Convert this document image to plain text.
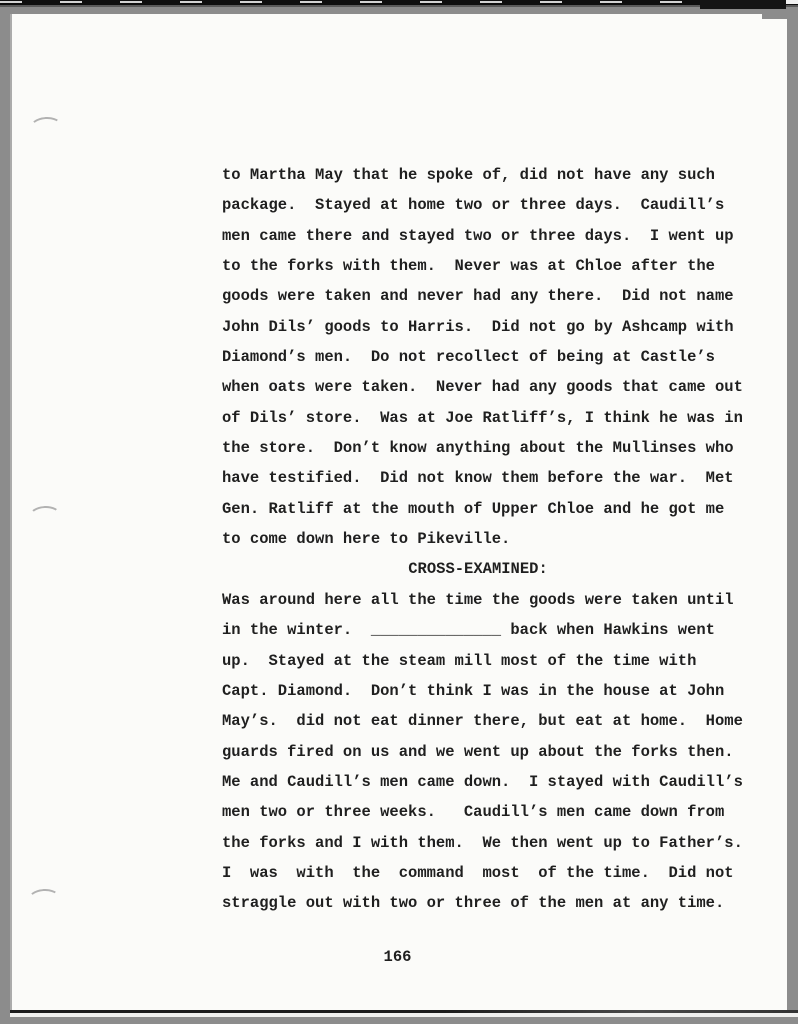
to Martha May that he spoke of, did not have any such
package.  Stayed at home two or three days.  Caudill’s
men came there and stayed two or three days.  I went up
to the forks with them.  Never was at Chloe after the
goods were taken and never had any there.  Did not name
John Dils’ goods to Harris.  Did not go by Ashcamp with
Diamond’s men.  Do not recollect of being at Castle’s
when oats were taken.  Never had any goods that came out
of Dils’ store.  Was at Joe Ratliff’s, I think he was in
the store.  Don’t know anything about the Mullinses who
have testified.  Did not know them before the war.  Met
Gen. Ratliff at the mouth of Upper Chloe and he got me
to come down here to Pikeville.
CROSS-EXAMINED:
Was around here all the time the goods were taken until
in the winter.  ______________ back when Hawkins went
up.  Stayed at the steam mill most of the time with
Capt. Diamond.  Don’t think I was in the house at John
May’s.  did not eat dinner there, but eat at home.  Home
guards fired on us and we went up about the forks then.
Me and Caudill’s men came down.  I stayed with Caudill’s
men two or three weeks.   Caudill’s men came down from
the forks and I with them.  We then went up to Father’s.
I  was  with  the  command  most  of the time.  Did not
straggle out with two or three of the men at any time.
166
